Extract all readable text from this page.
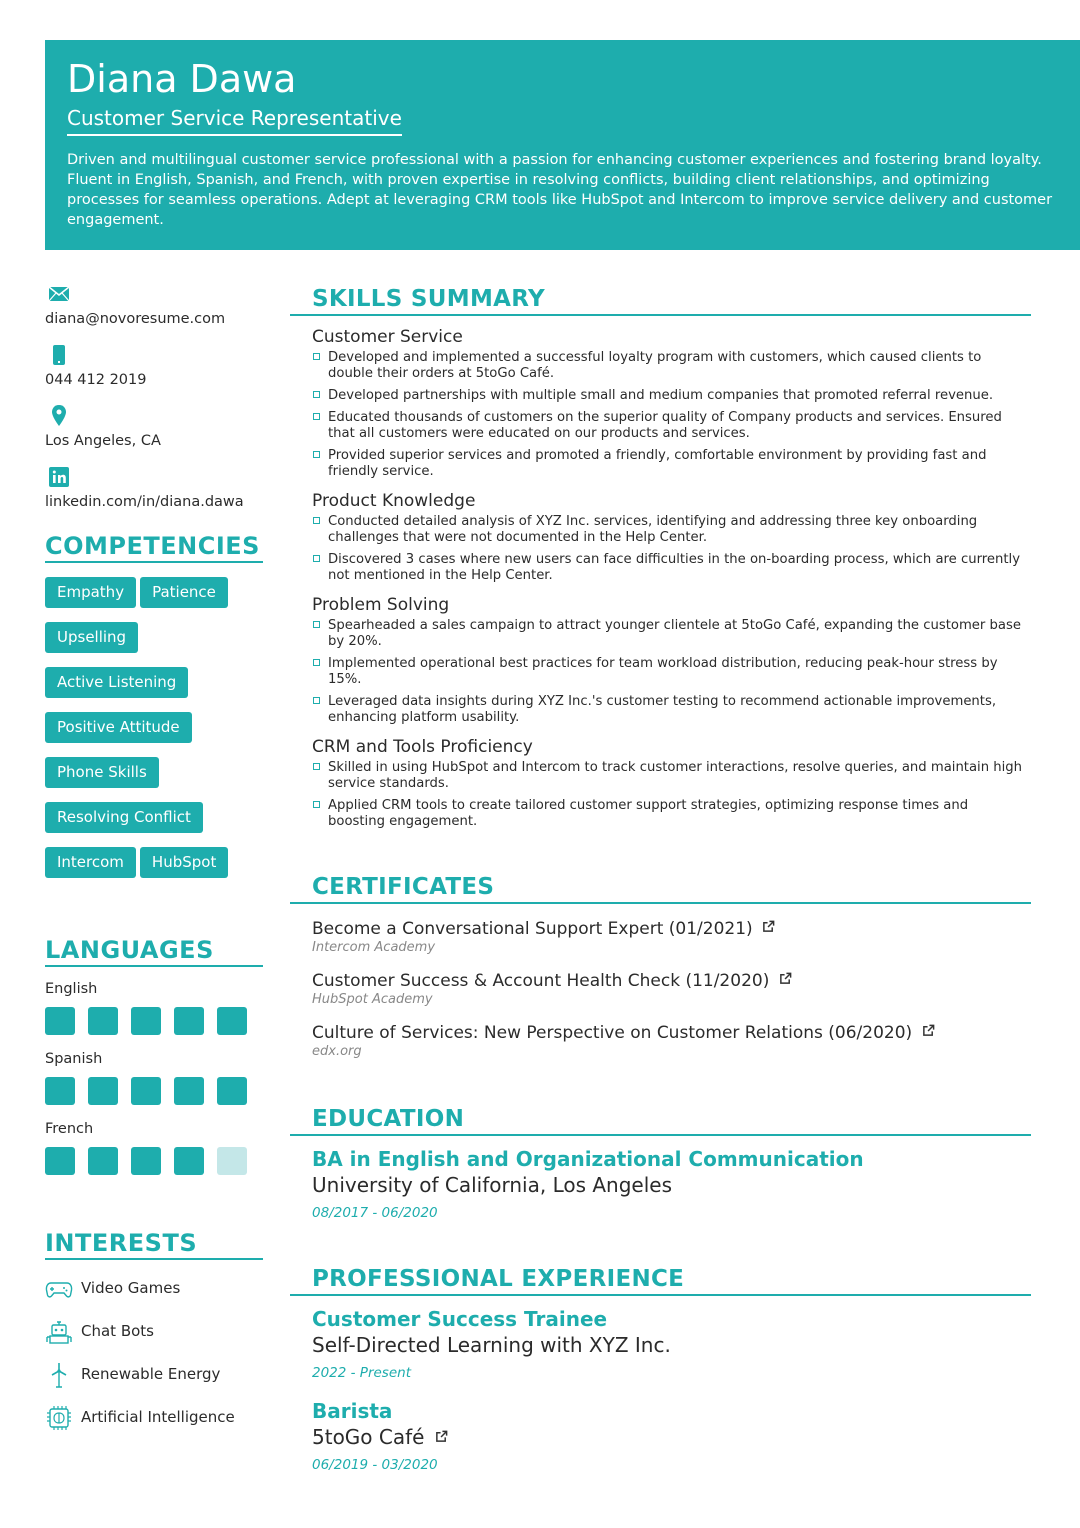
Diana Dawa
Customer Service Representative
Driven and multilingual customer service professional with a passion for enhancing customer experiences and fostering brand loyalty. Fluent in English, Spanish, and French, with proven expertise in resolving conflicts, building client relationships, and optimizing processes for seamless operations. Adept at leveraging CRM tools like HubSpot and Intercom to improve service delivery and customer engagement.
diana@novoresume.com
044 412 2019
Los Angeles, CA
linkedin.com/in/diana.dawa
COMPETENCIES
Empathy Patience
Upselling
Active Listening
Positive Attitude
Phone Skills
Resolving Conflict
Intercom HubSpot
LANGUAGES
English
Spanish
French
INTERESTS
Video Games
Chat Bots
Renewable Energy
Artificial Intelligence
SKILLS SUMMARY
Customer Service
Developed and implemented a successful loyalty program with customers, which caused clients to double their orders at 5toGo Café.
Developed partnerships with multiple small and medium companies that promoted referral revenue.
Educated thousands of customers on the superior quality of Company products and services. Ensured that all customers were educated on our products and services.
Provided superior services and promoted a friendly, comfortable environment by providing fast and friendly service.
Product Knowledge
Conducted detailed analysis of XYZ Inc. services, identifying and addressing three key onboarding challenges that were not documented in the Help Center.
Discovered 3 cases where new users can face difficulties in the on-boarding process, which are currently not mentioned in the Help Center.
Problem Solving
Spearheaded a sales campaign to attract younger clientele at 5toGo Café, expanding the customer base by 20%.
Implemented operational best practices for team workload distribution, reducing peak-hour stress by 15%.
Leveraged data insights during XYZ Inc.'s customer testing to recommend actionable improvements, enhancing platform usability.
CRM and Tools Proficiency
Skilled in using HubSpot and Intercom to track customer interactions, resolve queries, and maintain high service standards.
Applied CRM tools to create tailored customer support strategies, optimizing response times and boosting engagement.
CERTIFICATES
Become a Conversational Support Expert (01/2021)
Intercom Academy
Customer Success & Account Health Check (11/2020)
HubSpot Academy
Culture of Services: New Perspective on Customer Relations (06/2020)
edx.org
EDUCATION
BA in English and Organizational Communication
University of California, Los Angeles
08/2017 - 06/2020
PROFESSIONAL EXPERIENCE
Customer Success Trainee
Self-Directed Learning with XYZ Inc.
2022 - Present
Barista
5toGo Café
06/2019 - 03/2020
